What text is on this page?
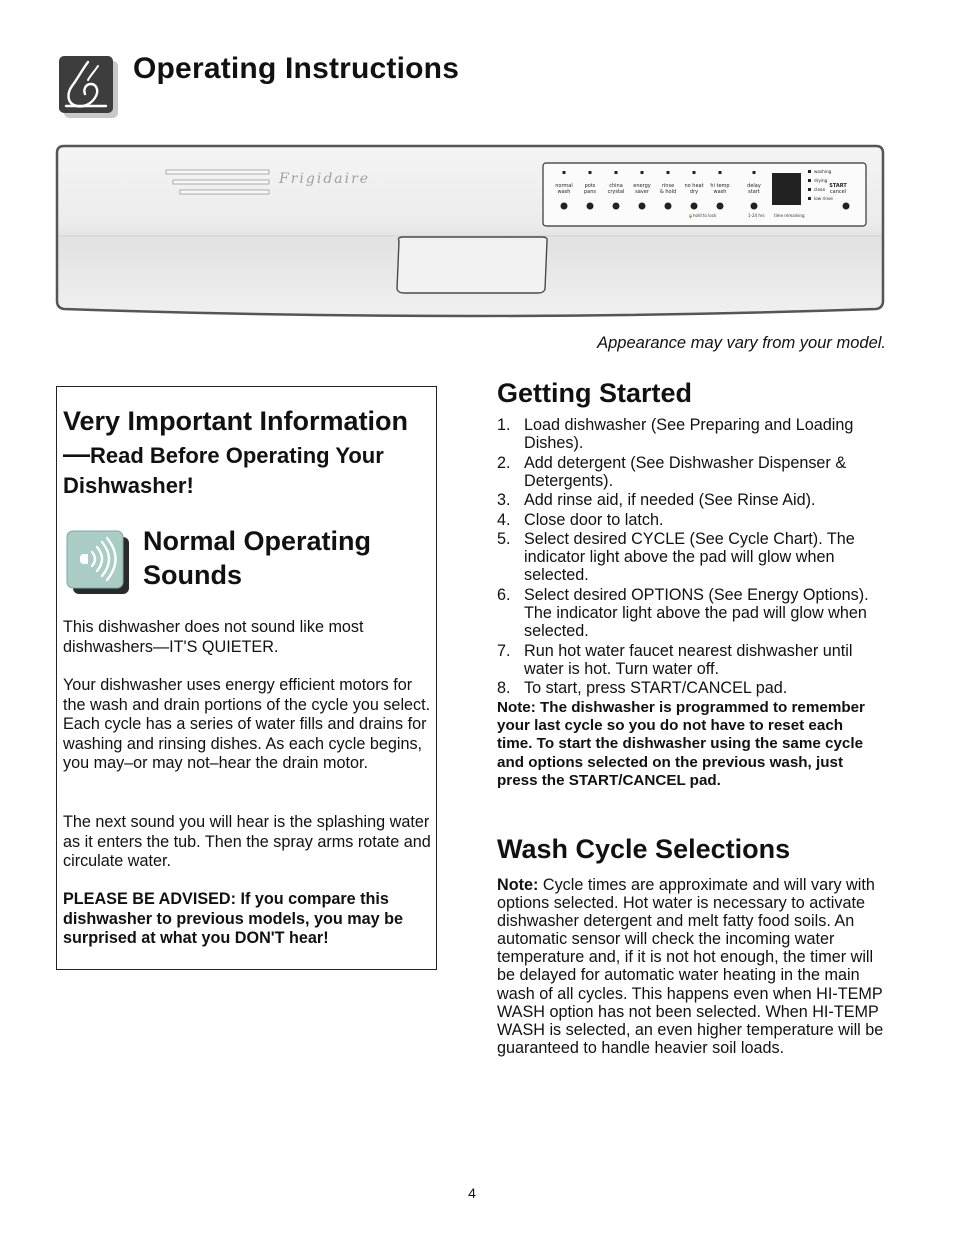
Operating Instructions
Frigidaire	normal
wash
pots
pans
china
crystal
energy
saver
rinse
& hold
no heat
dry
hi temp
wash
delay
start
washing
drying
clean
low rinse
START
cancel
🔒 hold to lock	1-24 hrs time remaining
Appearance may vary from your model.
Very Important Information—Read Before Operating Your Dishwasher!
Normal Operating Sounds

This dishwasher does not sound like most dishwashers—IT'S QUIETER.

Your dishwasher uses energy efficient motors for the wash and drain portions of the cycle you select. Each cycle has a series of water fills and drains for washing and rinsing dishes. As each cycle begins, you may–or may not–hear the drain motor.

The next sound you will hear is the splashing water as it enters the tub. Then the spray arms rotate and circulate water.

PLEASE BE ADVISED: If you compare this dishwasher to previous models, you may be surprised at what you DON'T hear!

Getting Started
1. Load dishwasher (See Preparing and Loading Dishes).
2. Add detergent (See Dishwasher Dispenser & Detergents).
3. Add rinse aid, if needed (See Rinse Aid).
4. Close door to latch.
5. Select desired CYCLE (See Cycle Chart). The indicator light above the pad will glow when selected.
6. Select desired OPTIONS (See Energy Options). The indicator light above the pad will glow when selected.
7. Run hot water faucet nearest dishwasher until water is hot. Turn water off.
8. To start, press START/CANCEL pad.

Note: The dishwasher is programmed to remember your last cycle so you do not have to reset each time. To start the dishwasher using the same cycle and options selected on the previous wash, just press the START/CANCEL pad.

Wash Cycle Selections

Note: Cycle times are approximate and will vary with options selected. Hot water is necessary to activate dishwasher detergent and melt fatty food soils. An automatic sensor will check the incoming water temperature and, if it is not hot enough, the timer will be delayed for automatic water heating in the main wash of all cycles. This happens even when HI-TEMP WASH option has not been selected. When HI-TEMP WASH is selected, an even higher temperature will be guaranteed to handle heavier soil loads.

4
